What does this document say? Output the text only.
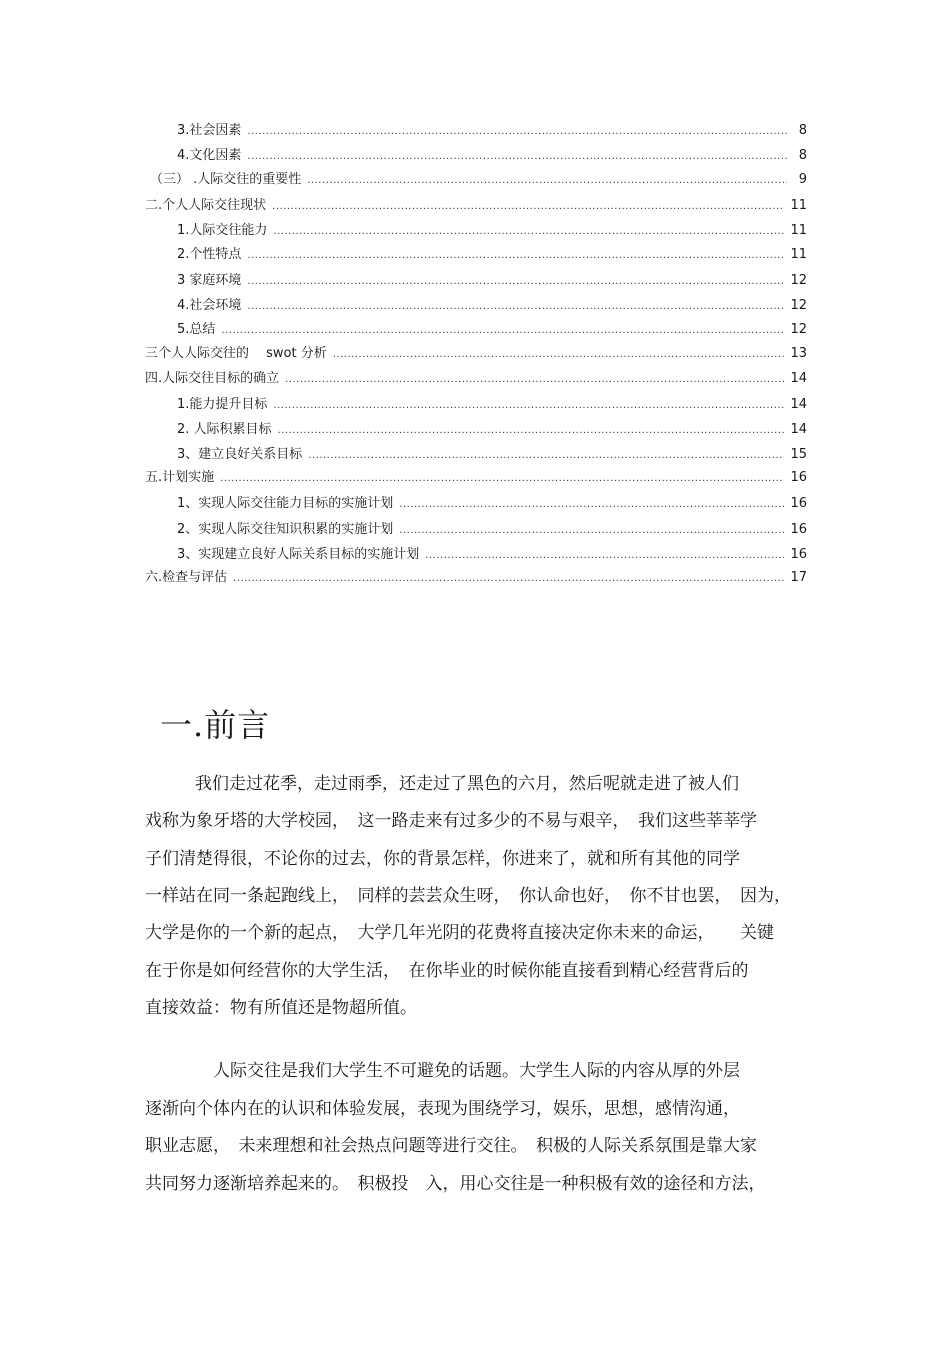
3.社会因素 .....	8
4.文化因素 .....	8
（三） .人际交往的重要性 .....	9
二.个人人际交往现状 .....	11
1.人际交往能力 .....	11
2.个性特点 .....	11
3 家庭环境 .....	12
4.社会环境 .....	12
5.总结 .....	12
三个人人际交往的　 swot 分析 .....	13
四.人际交往目标的确立 .....	14
1.能力提升目标 .....	14
2. 人际积累目标 .....	14
3、建立良好关系目标 .....	15
五.计划实施 .....	16
1、实现人际交往能力目标的实施计划 .....	16
2、实现人际交往知识积累的实施计划 .....	16
3、实现建立良好人际关系目标的实施计划 .....	16
六.检查与评估 .....	17
一.前言
我们走过花季，走过雨季，还走过了黑色的六月，然后呢就走进了被人们
戏称为象牙塔的大学校园，　这一路走来有过多少的不易与艰辛，　我们这些莘莘学
子们清楚得很，不论你的过去，你的背景怎样，你进来了，就和所有其他的同学
一样站在同一条起跑线上，　同样的芸芸众生呀，　你认命也好，　你不甘也罢，　因为，
大学是你的一个新的起点，　大学几年光阴的花费将直接决定你未来的命运，　　关键
在于你是如何经营你的大学生活，　在你毕业的时候你能直接看到精心经营背后的
直接效益：物有所值还是物超所值。
人际交往是我们大学生不可避免的话题。大学生人际的内容从厚的外层
逐渐向个体内在的认识和体验发展，表现为围绕学习，娱乐，思想，感情沟通，
职业志愿，　未来理想和社会热点问题等进行交往。　积极的人际关系氛围是靠大家
共同努力逐渐培养起来的。　积极投　入，用心交往是一种积极有效的途径和方法，
